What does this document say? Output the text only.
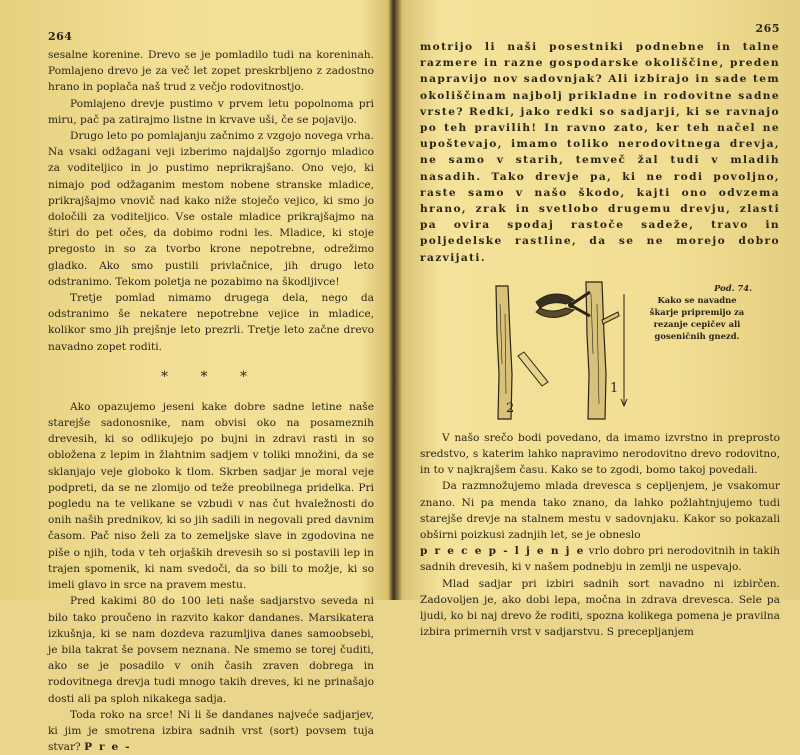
264

sesalne koreninе. Drevo se je pomladilo tudi na koreninah. Pomlajeno drevo je za več let zopet preskrbljeno z zadostno hrano in poplača naš trud z večjo rodovitnostjo.

Pomlajeno drevje pustimo v prvem letu popolnoma pri miru, pač pa zatirajmo listne in krvave uši, če se pojavijo.

Drugo leto po pomlajanju začnimo z vzgojo novega vrha. Na vsaki odžagani veji izberimo najdaljšo zgornjo mladico za voditeljico in jo pustimo neprikrajšano. Ono vejo, ki nimajo pod odžaganim mestom nobene stranske mladice, prikrajšajmo vnovič nad kako niže stoječo vejico, ki smo jo določili za voditeljico. Vse ostale mladice prikrajšajmo na štiri do pet očes, da dobimo rodni les. Mladice, ki stoje pregosto in so za tvorbo krone nepotrebne, odrežimo gladko. Ako smo pustili privlačnice, jih drugo leto odstranimo. Tekom poletja ne pozabimo na škodljivce!

Tretje pomlad nimamo drugega dela, nego da odstranimo še nekatere nepotrebne vejice in mladice, kolikor smo jih prejšnje leto prezrli. Tretje leto začne drevo navadno zopet roditi.

* * *

Ako opazujemo jeseni kake dobre sadne letine naše starejše sadonosnike, nam obvisi oko na posameznih drevesih, ki so odlikujejo po bujni in zdravi rasti in so obložena z lepim in žlahtnim sadjem v toliki množini, da se sklanjajo veje globoko k tlom. Skrben sadjar je moral veje podpreti, da se ne zlomijo od teže preobilnega pridelka. Pri pogledu na te velikane se vzbudi v nas čut hvaležnosti do onih naših prednikov, ki so jih sadili in negovali pred davnim časom. Pač niso želi za to zemeljske slave in zgodovina ne piše o njih, toda v teh orjaških drevesih so si postavili lep in trajen spomenik, ki nam svedoči, da so bili to možje, ki so imeli glavo in srce na pravem mestu.

Pred kakimi 80 do 100 leti naše sadjarstvo seveda ni bilo tako proučeno in razvito kakor dandanes. Marsikatera izkušnja, ki se nam dozdeva razumljiva danes samoobsebi, je bila takrat še povsem neznana. Ne smemo se torej čuditi, ako se je posadilo v onih časih zraven dobrega in rodovitnega drevja tudi mnogo takih dreves, ki ne prinašajo dosti ali pa sploh nikakega sadja.

Toda roko na srce! Ni li še dandanes najveće sadjarjev, ki jim je smotrena izbira sadnih vrst (sort) povsem tuja stvar? P r e -

265

motrijo li naši posestniki podnebne in talne razmere in razne gospodarske okoliščine, preden napravijo nov sadovnjak? Ali izbirajo in sade tem okoliščinam najbolj prikladne in rodovitne sadne vrste? Redki, jako redki so sadjarji, ki se ravnajo po teh pravilih! In ravno zato, ker teh načel ne upoštevajo, imamo toliko nerodovitnega drevja, ne samo v starih, temveč žal tudi v mladih nasadih. Tako drevje pa, ki ne rodi povoljno, raste samo v našo škodo, kajti ono odvzema hrano, zrak in svetlobo drugemu drevju, zlasti pa ovira spodaj rastoče sadeže, travo in poljedelske rastline, da se ne morejo dobro razvijati.

2
1
Pod. 74.
Kako se navadne škarje pripremijo za rezanje cepičev ali goseničnih gnezd.

V našo srečo bodi povedano, da imamo izvrstno in preprosto sredstvo, s katerim lahko napravimo nerodovitno drevo rodovitno, in to v najkrajšem času. Kako se to zgodi, bomo takoj povedali.

Da razmnožujemo mlada drevesca s cepljenjem, je vsakomur znano. Ni pa menda tako znano, da lahko požlahtnjujemo tudi starejše drevje na stalnem mestu v sadovnjaku. Kakor so pokazali obširni poizkusi zadnjih let, se je obneslo

p r e c e p - l j e n j e vrlo dobro pri nerodovitnih in takih sadnih drevesih, ki v našem podnebju in zemlji ne uspevajo.

Mlad sadjar pri izbiri sadnih sort navadno ni izbirčen. Zadovoljen je, ako dobi lepa, močna in zdrava drevesca. Sele pa ljudi, ko bi naj drevo že roditi, spozna kolikega pomena je pravilna izbira primernih vrst v sadjarstvu. S precepljanjem
